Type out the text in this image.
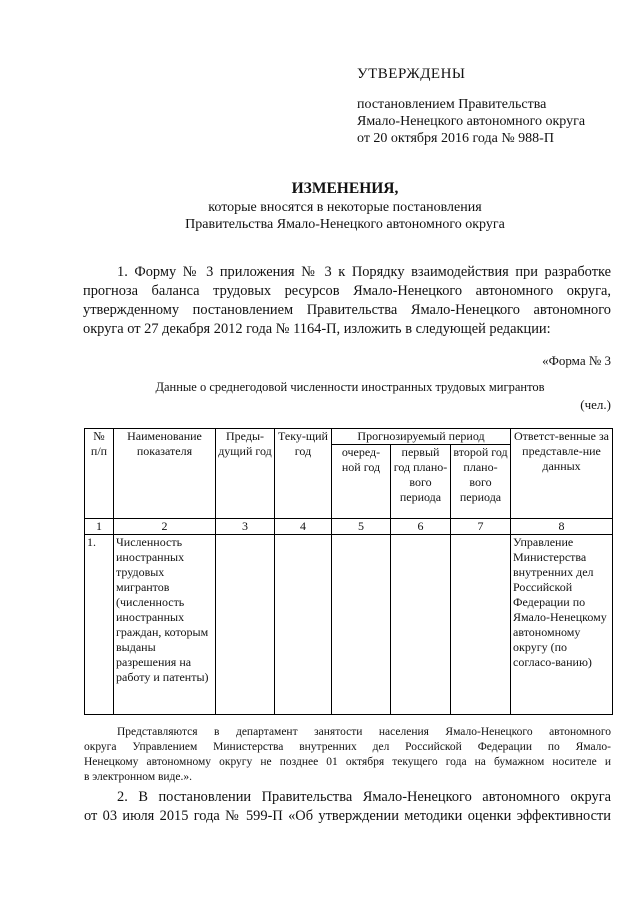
УТВЕРЖДЕНЫ
постановлением Правительства
Ямало-Ненецкого автономного округа
от 20 октября 2016 года № 988-П
ИЗМЕНЕНИЯ,
которые вносятся в некоторые постановления
Правительства Ямало-Ненецкого автономного округа
1. Форму № 3 приложения № 3 к Порядку взаимодействия при разработке
прогноза баланса трудовых ресурсов Ямало-Ненецкого автономного округа,
утвержденному постановлением Правительства Ямало-Ненецкого автономного
округа от 27 декабря 2012 года № 1164-П, изложить в следующей редакции:
«Форма № 3
Данные о среднегодовой численности иностранных трудовых мигрантов
(чел.)
№ п/п	Наименование показателя	Преды-дущий год	Теку-щий год	Прогнозируемый период			Ответст-венные за представле-ние данных
				очеред-ной год	первый год плано-вого периода	второй год плано-вого периода	
1	2	3	4	5	6	7	8
1.	Численность иностранных трудовых мигрантов (численность иностранных граждан, которым выданы разрешения на работу и патенты)						Управление Министерства внутренних дел Российской Федерации по Ямало-Ненецкому автономному округу (по согласо-ванию)
Представляются в департамент занятости населения Ямало-Ненецкого автономного
округа Управлением Министерства внутренних дел Российской Федерации по Ямало-
Ненецкому автономному округу не позднее 01 октября текущего года на бумажном носителе и
в электронном виде.».
2. В постановлении Правительства Ямало-Ненецкого автономного округа
от 03 июля 2015 года № 599-П «Об утверждении методики оценки эффективности
